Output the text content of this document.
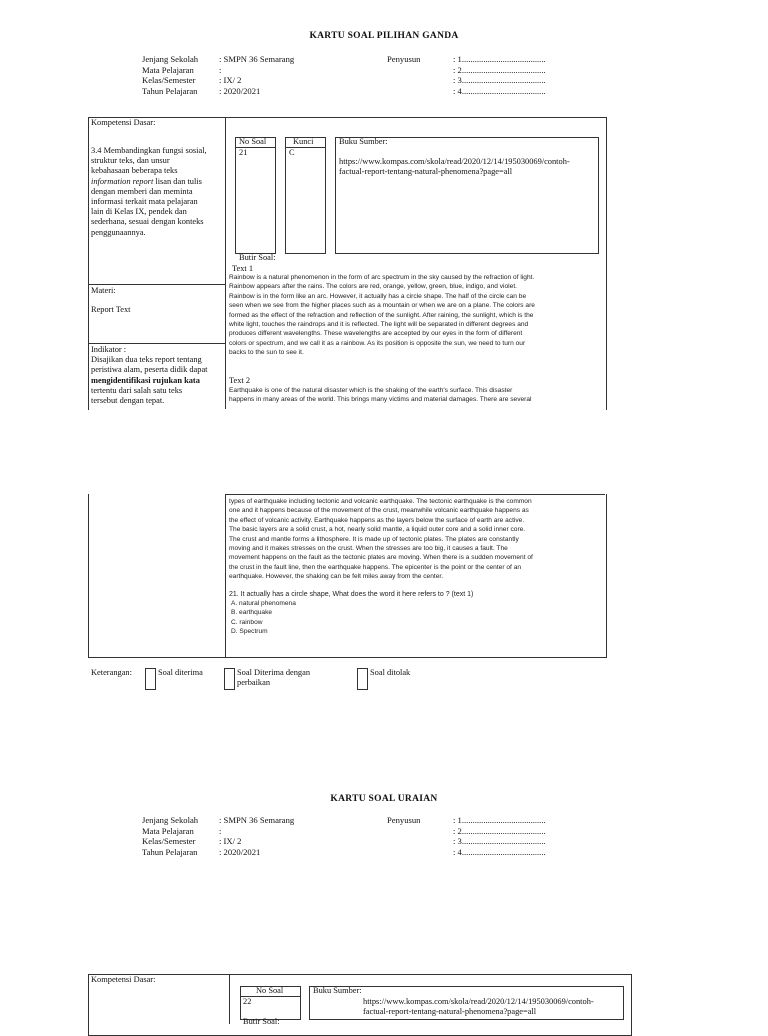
KARTU SOAL PILIHAN GANDA
Jenjang Sekolah	: SMPN 36 Semarang	Penyusun	: 1.......................................
Mata Pelajaran	:	: 2.......................................
Kelas/Semester	: IX/ 2	: 3.......................................
Tahun Pelajaran	: 2020/2021	: 4.......................................
Kompetensi Dasar:
3.4 Membandingkan fungsi sosial,
struktur teks, dan unsur
kebahasaan beberapa teks
information report lisan dan tulis
dengan memberi dan meminta
informasi terkait mata pelajaran
lain di Kelas IX, pendek dan
sederhana, sesuai dengan konteks
penggunaannya.
Materi:
Report Text
Indikator :
Disajikan dua teks report tentang
peristiwa alam, peserta didik dapat
mengidentifikasi rujukan kata
tertentu dari salah satu teks
tersebut dengan tepat.
No Soal
21
Kunci
C
Buku Sumber:
https://www.kompas.com/skola/read/2020/12/14/195030069/contoh-
factual-report-tentang-natural-phenomena?page=all
Butir Soal:
Text 1
Rainbow is a natural phenomenon in the form of arc spectrum in the sky caused by the refraction of light.
Rainbow appears after the rains. The colors are red, orange, yellow, green, blue, indigo, and violet.
Rainbow is in the form like an arc. However, it actually has a circle shape. The half of the circle can be
seen when we see from the higher places such as a mountain or when we are on a plane. The colors are
formed as the effect of the refraction and reflection of the sunlight. After raining, the sunlight, which is the
white light, touches the raindrops and it is reflected. The light will be separated in different degrees and
produces different wavelengths. These wavelengths are accepted by our eyes in the form of different
colors or spectrum, and we call it as a rainbow. As its position is opposite the sun, we need to turn our
backs to the sun to see it.
Text 2
Earthquake is one of the natural disaster which is the shaking of the earth's surface. This disaster
happens in many areas of the world. This brings many victims and material damages. There are several
types of earthquake including tectonic and volcanic earthquake. The tectonic earthquake is the common
one and it happens because of the movement of the crust, meanwhile volcanic earthquake happens as
the effect of volcanic activity. Earthquake happens as the layers below the surface of earth are active.
The basic layers are a solid crust, a hot, nearly solid mantle, a liquid outer core and a solid inner core.
The crust and mantle forms a lithosphere. It is made up of tectonic plates. The plates are constantly
moving and it makes stresses on the crust. When the stresses are too big, it causes a fault. The
movement happens on the fault as the tectonic plates are moving. When there is a sudden movement of
the crust in the fault line, then the earthquake happens. The epicenter is the point or the center of an
earthquake. However, the shaking can be felt miles away from the center.
21. It actually has a circle shape, What does the word it here refers to ? (text 1)
A. natural phenomena
B. earthquake
C. rainbow
D. Spectrum
Keterangan:	Soal diterima	Soal Diterima dengan
perbaikan
Soal ditolak
KARTU SOAL URAIAN
Jenjang Sekolah	: SMPN 36 Semarang	Penyusun	: 1.......................................
Mata Pelajaran	:	: 2.......................................
Kelas/Semester	: IX/ 2	: 3.......................................
Tahun Pelajaran	: 2020/2021	: 4.......................................
Kompetensi Dasar:
No Soal
22
Buku Sumber:
https://www.kompas.com/skola/read/2020/12/14/195030069/contoh-
factual-report-tentang-natural-phenomena?page=all
Butir Soal:
